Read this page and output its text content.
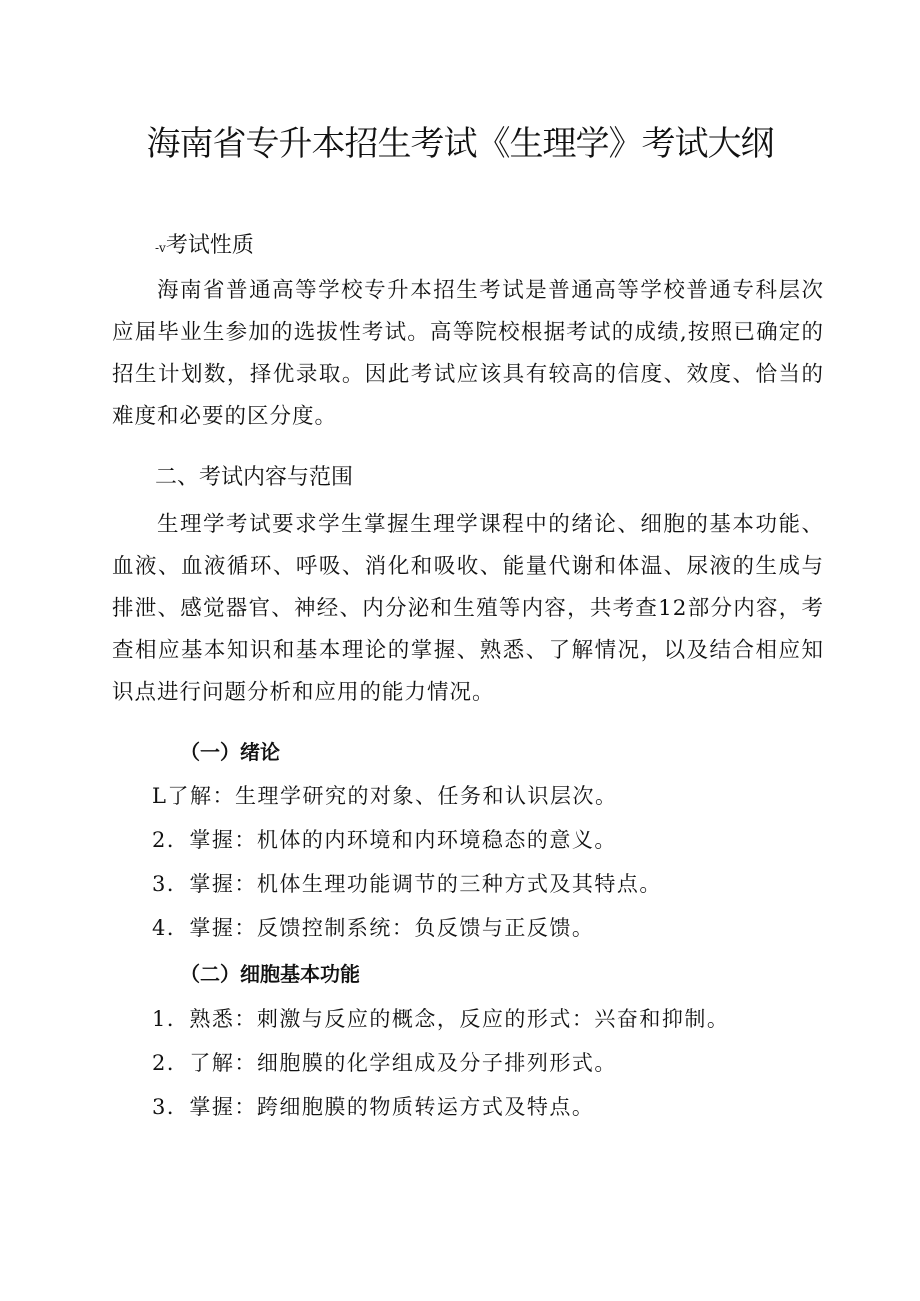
海南省专升本招生考试《生理学》考试大纲
-v考试性质

海南省普通高等学校专升本招生考试是普通高等学校普通专科层次应届毕业生参加的选拔性考试。高等院校根据考试的成绩,按照已确定的招生计划数，择优录取。因此考试应该具有较高的信度、效度、恰当的难度和必要的区分度。

二、考试内容与范围

生理学考试要求学生掌握生理学课程中的绪论、细胞的基本功能、血液、血液循环、呼吸、消化和吸收、能量代谢和体温、尿液的生成与排泄、感觉器官、神经、内分泌和生殖等内容，共考查12部分内容，考查相应基本知识和基本理论的掌握、熟悉、了解情况，以及结合相应知识点进行问题分析和应用的能力情况。

（一）绪论
L了解：生理学研究的对象、任务和认识层次。
2．掌握：机体的内环境和内环境稳态的意义。
3．掌握：机体生理功能调节的三种方式及其特点。
4．掌握：反馈控制系统：负反馈与正反馈。
（二）细胞基本功能
1．熟悉：刺激与反应的概念，反应的形式：兴奋和抑制。
2．了解：细胞膜的化学组成及分子排列形式。
3．掌握：跨细胞膜的物质转运方式及特点。
